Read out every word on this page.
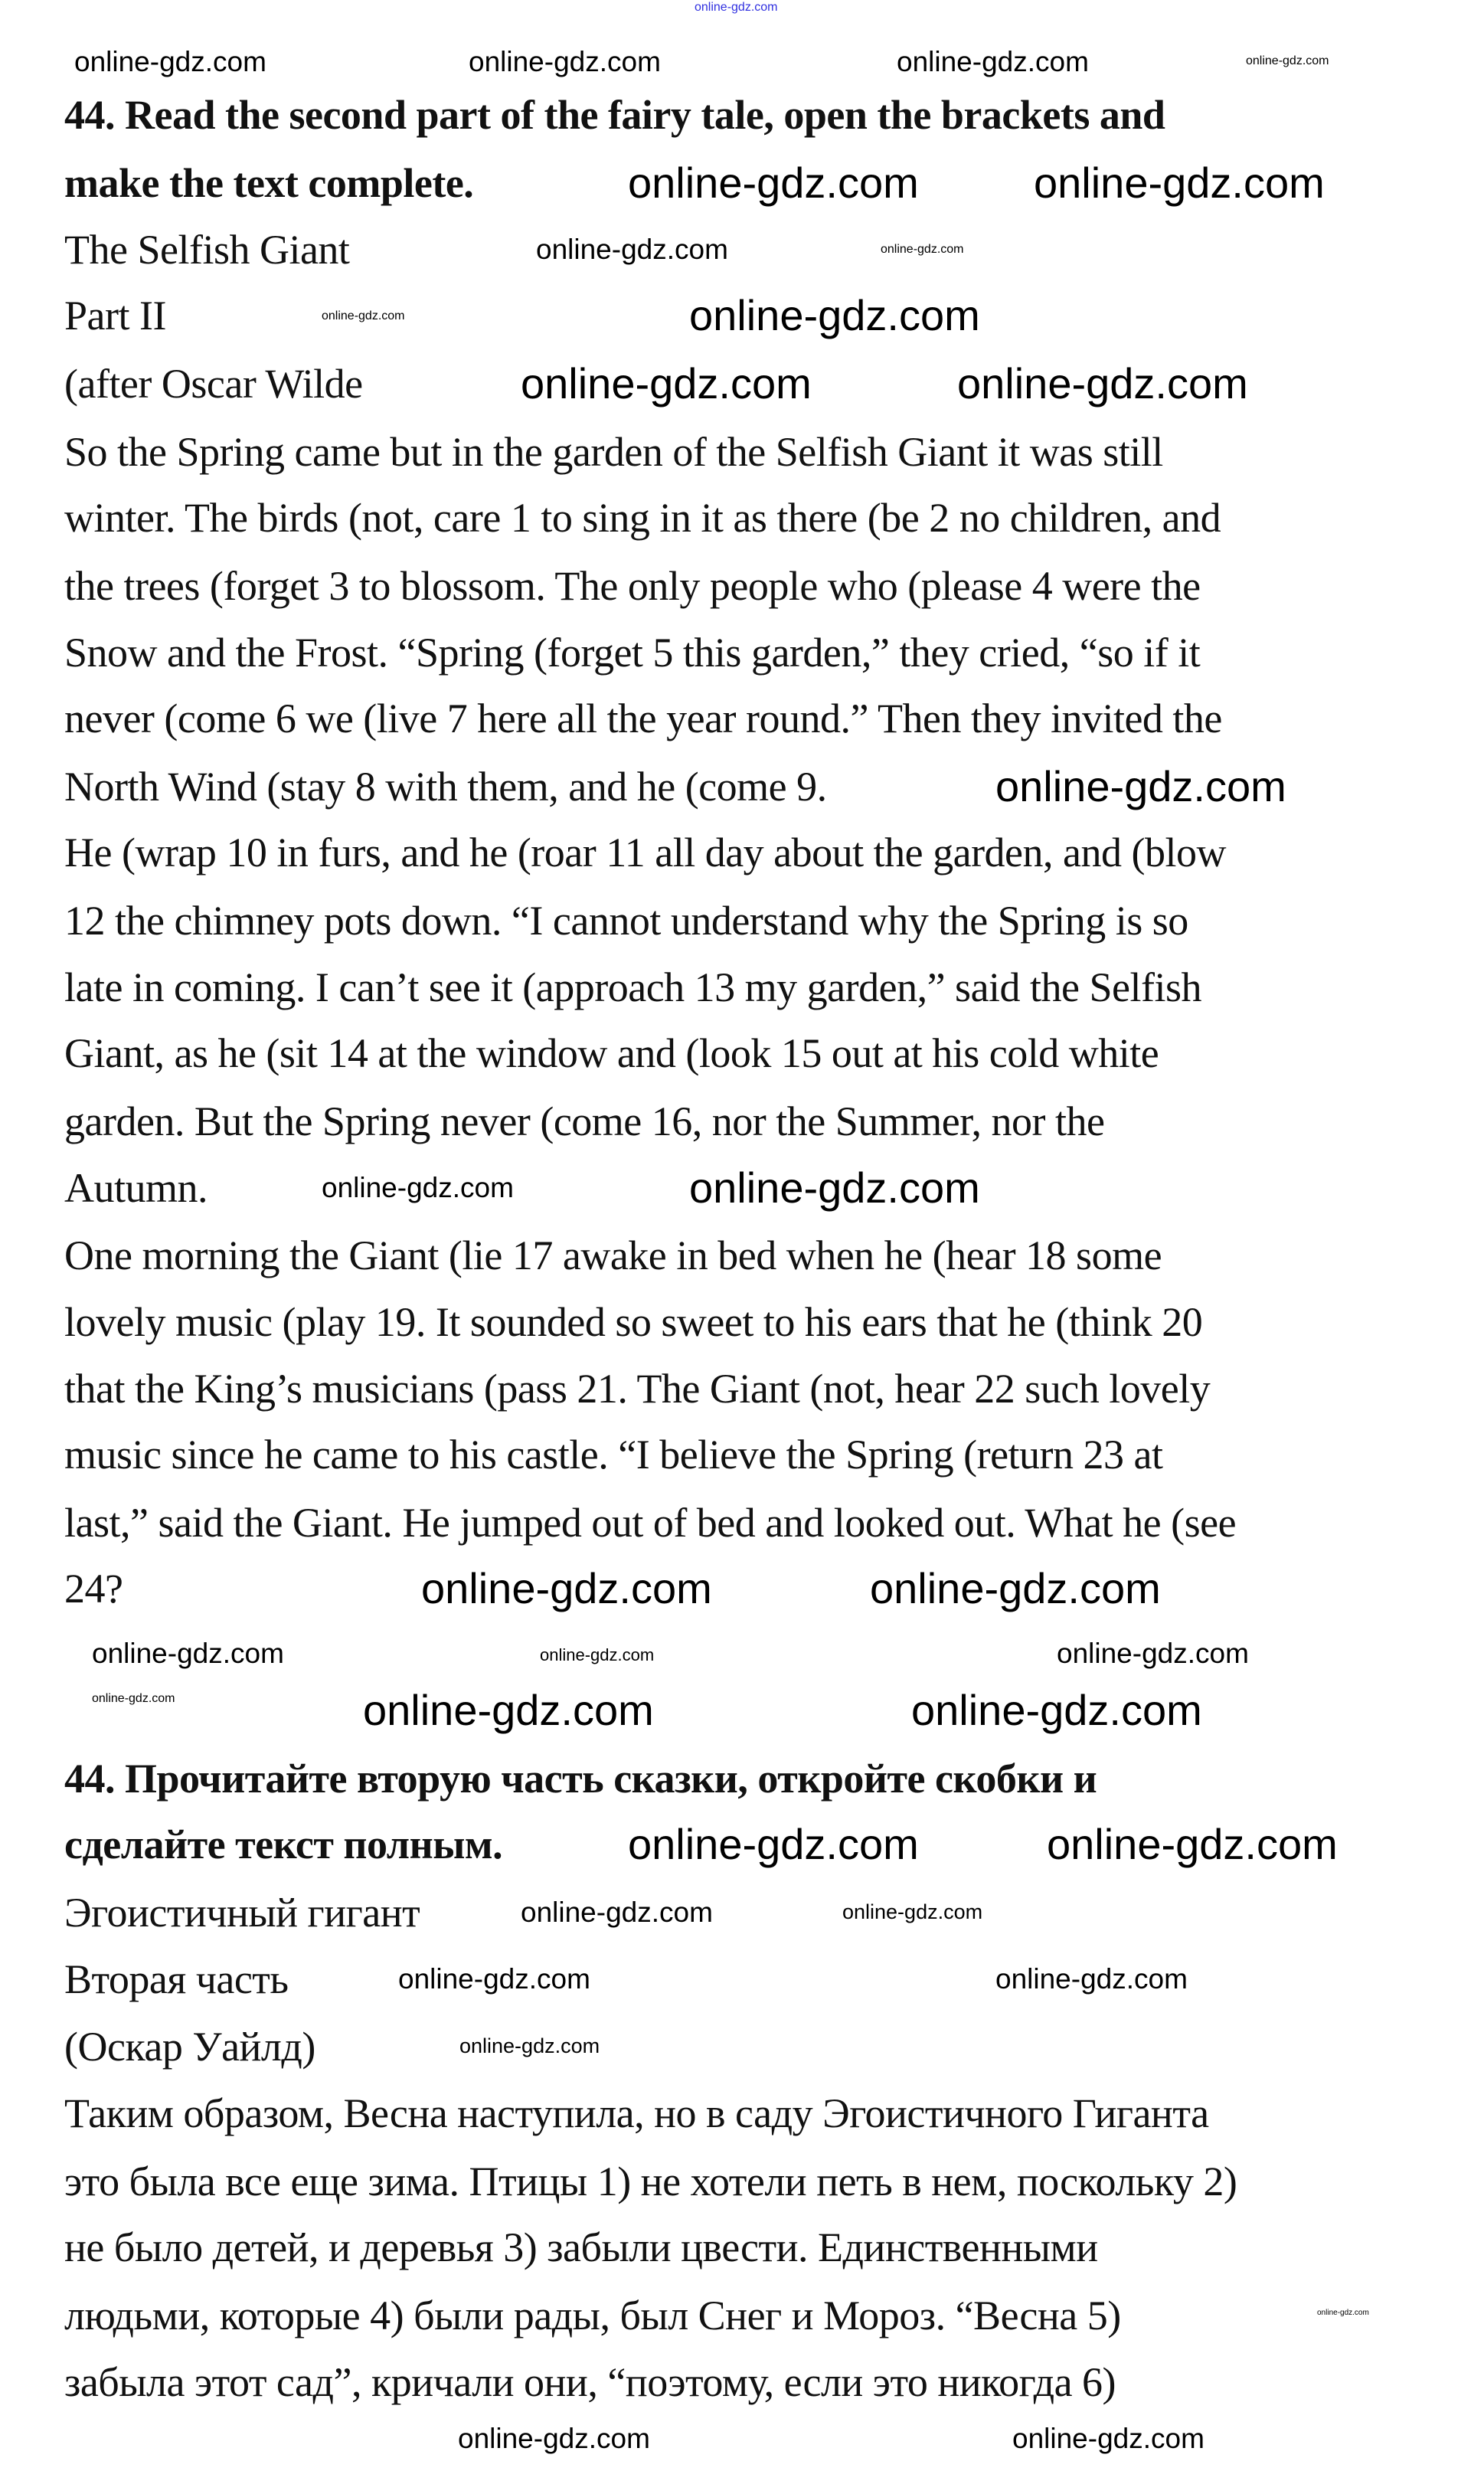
44. Read the second part of the fairy tale, open the brackets and
make the text complete.
The Selfish Giant
Part II
(after Oscar Wilde
So the Spring came but in the garden of the Selfish Giant it was still
winter. The birds (not, care 1 to sing in it as there (be 2 no children, and
the trees (forget 3 to blossom. The only people who (please 4 were the
Snow and the Frost. “Spring (forget 5 this garden,” they cried, “so if it
never (come 6 we (live 7 here all the year round.” Then they invited the
North Wind (stay 8 with them, and he (come 9.
He (wrap 10 in furs, and he (roar 11 all day about the garden, and (blow
12 the chimney pots down. “I cannot understand why the Spring is so
late in coming. I can’t see it (approach 13 my garden,” said the Selfish
Giant, as he (sit 14 at the window and (look 15 out at his cold white
garden. But the Spring never (come 16, nor the Summer, nor the
Autumn.
One morning the Giant (lie 17 awake in bed when he (hear 18 some
lovely music (play 19. It sounded so sweet to his ears that he (think 20
that the King’s musicians (pass 21. The Giant (not, hear 22 such lovely
music since he came to his castle. “I believe the Spring (return 23 at
last,” said the Giant. He jumped out of bed and looked out. What he (see
24?
44. Прочитайте вторую часть сказки, откройте скобки и
сделайте текст полным.
Эгоистичный гигант
Вторая часть
(Оскар Уайлд)
Таким образом, Весна наступила, но в саду Эгоистичного Гиганта
это была все еще зима. Птицы 1) не хотели петь в нем, поскольку 2)
не было детей, и деревья 3) забыли цвести. Единственными
людьми, которые 4) были рады, был Снег и Мороз. “Весна 5)
забыла этот сад”, кричали они, “поэтому, если это никогда 6)
online-gdz.com
online-gdz.com	online-gdz.com	online-gdz.com	online-gdz.com
online-gdz.com	online-gdz.com
online-gdz.com	online-gdz.com
online-gdz.com	online-gdz.com
online-gdz.com	online-gdz.com
online-gdz.com
online-gdz.com	online-gdz.com
online-gdz.com	online-gdz.com
online-gdz.com	online-gdz.com	online-gdz.com
online-gdz.com	online-gdz.com	online-gdz.com
online-gdz.com	online-gdz.com
online-gdz.com	online-gdz.com
online-gdz.com	online-gdz.com
online-gdz.com
online-gdz.com
online-gdz.com	online-gdz.com
